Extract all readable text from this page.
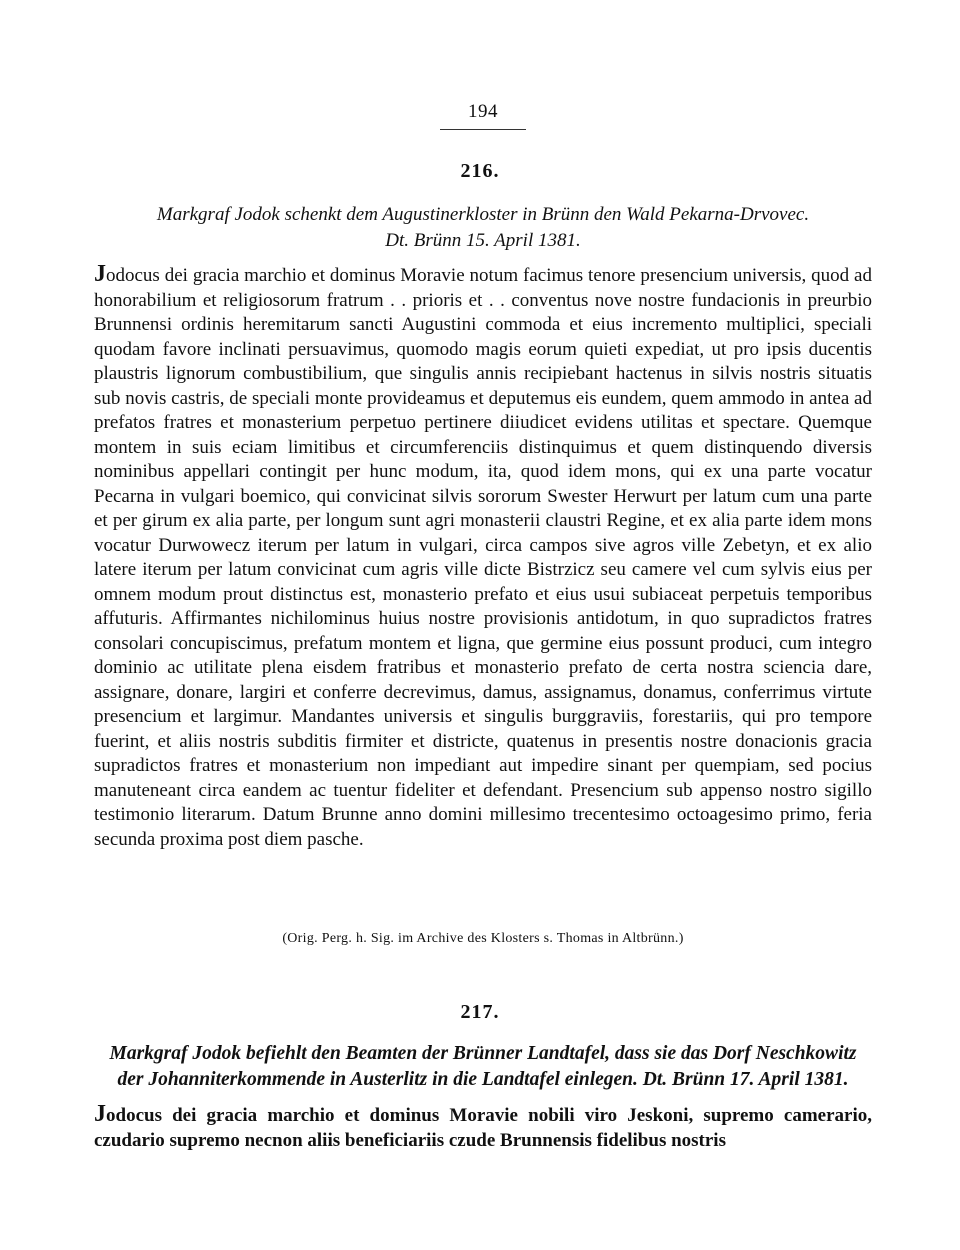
194
216.
Markgraf Jodok schenkt dem Augustinerkloster in Brünn den Wald Pekarna-Drvovec.
Dt. Brünn 15. April 1381.
Jodocus dei gracia marchio et dominus Moravie notum facimus tenore presencium universis, quod ad honorabilium et religiosorum fratrum . . prioris et . . conventus nove nostre fundacionis in preurbio Brunnensi ordinis heremitarum sancti Augustini commoda et eius incremento multiplici, speciali quodam favore inclinati persuavimus, quomodo magis eorum quieti expediat, ut pro ipsis ducentis plaustris lignorum combustibilium, que singulis annis recipiebant hactenus in silvis nostris situatis sub novis castris, de speciali monte provideamus et deputemus eis eundem, quem ammodo in antea ad prefatos fratres et monasterium perpetuo pertinere diiudicet evidens utilitas et spectare. Quemque montem in suis eciam limitibus et circumferenciis distinquimus et quem distinquendo diversis nominibus appellari contingit per hunc modum, ita, quod idem mons, qui ex una parte vocatur Pecarna in vulgari boemico, qui convicinat silvis sororum Swester Herwurt per latum cum una parte et per girum ex alia parte, per longum sunt agri monasterii claustri Regine, et ex alia parte idem mons vocatur Durwowecz iterum per latum in vulgari, circa campos sive agros ville Zebetyn, et ex alio latere iterum per latum convicinat cum agris ville dicte Bistrzicz seu camere vel cum sylvis eius per omnem modum prout distinctus est, monasterio prefato et eius usui subiaceat perpetuis temporibus affuturis. Affirmantes nichilominus huius nostre provisionis antidotum, in quo supradictos fratres consolari concupiscimus, prefatum montem et ligna, que germine eius possunt produci, cum integro dominio ac utilitate plena eisdem fratribus et monasterio prefato de certa nostra sciencia dare, assignare, donare, largiri et conferre decrevimus, damus, assignamus, donamus, conferrimus virtute presencium et largimur. Mandantes universis et singulis burggraviis, forestariis, qui pro tempore fuerint, et aliis nostris subditis firmiter et districte, quatenus in presentis nostre donacionis gracia supradictos fratres et monasterium non impediant aut impedire sinant per quempiam, sed pocius manuteneant circa eandem ac tuentur fideliter et defendant. Presencium sub appenso nostro sigillo testimonio literarum. Datum Brunne anno domini millesimo trecentesimo octoagesimo primo, feria secunda proxima post diem pasche.
(Orig. Perg. h. Sig. im Archive des Klosters s. Thomas in Altbrünn.)
217.
Markgraf Jodok befiehlt den Beamten der Brünner Landtafel, dass sie das Dorf Neschkowitz
der Johanniterkommende in Austerlitz in die Landtafel einlegen. Dt. Brünn 17. April 1381.
Jodocus dei gracia marchio et dominus Moravie nobili viro Jeskoni, supremo camerario, czudario supremo necnon aliis beneficiariis czude Brunnensis fidelibus nostris
